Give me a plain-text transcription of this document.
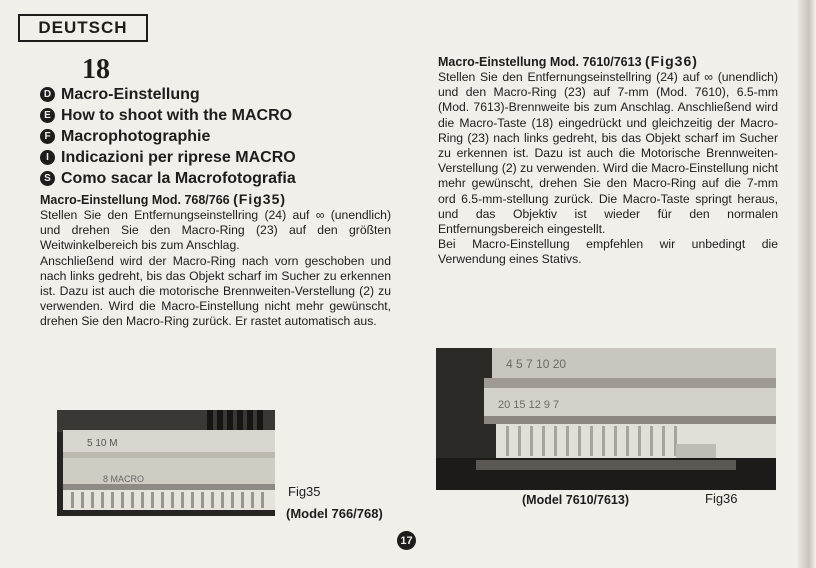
DEUTSCH
18
D Macro-Einstellung
E How to shoot with the MACRO
F Macrophotographie
I Indicazioni per riprese MACRO
S Como sacar la Macrofotografia
Macro-Einstellung Mod. 768/766 (Fig35)

Stellen Sie den Entfernungseinstellring (24) auf ∞ (unendlich) und drehen Sie den Macro-Ring (23) auf den größten Weitwinkelbereich bis zum Anschlag.

Anschließend wird der Macro-Ring nach vorn geschoben und nach links gedreht, bis das Objekt scharf im Sucher zu erkennen ist. Dazu ist auch die motorische Brennweiten-Verstellung (2) zu verwenden. Wird die Macro-Einstellung nicht mehr gewünscht, drehen Sie den Macro-Ring zurück. Er rastet automatisch aus.

Macro-Einstellung Mod. 7610/7613 (Fig36)

Stellen Sie den Entfernungseinstellring (24) auf ∞ (unendlich) und den Macro-Ring (23) auf 7-mm (Mod. 7610), 6.5-mm (Mod. 7613)-Brennweite bis zum Anschlag. Anschließend wird die Macro-Taste (18) eingedrückt und gleichzeitig der Macro-Ring (23) nach links gedreht, bis das Objekt scharf im Sucher zu erkennen ist. Dazu ist auch die Motorische Brennweiten-Verstellung (2) zu verwenden. Wird die Macro-Einstellung nicht mehr gewünscht, drehen Sie den Macro-Ring auf die 7-mm ord 6.5-mm-stellung zurück. Die Macro-Taste springt heraus, und das Objektiv ist wieder für den normalen Entfernungsbereich eingestellt.

Bei Macro-Einstellung empfehlen wir unbedingt die Verwendung eines Stativs.

5 10 M
8 MACRO
Fig35
(Model 766/768)
4 5 7 10 20
20 15 12 9 7
(Model 7610/7613)	Fig36
17
